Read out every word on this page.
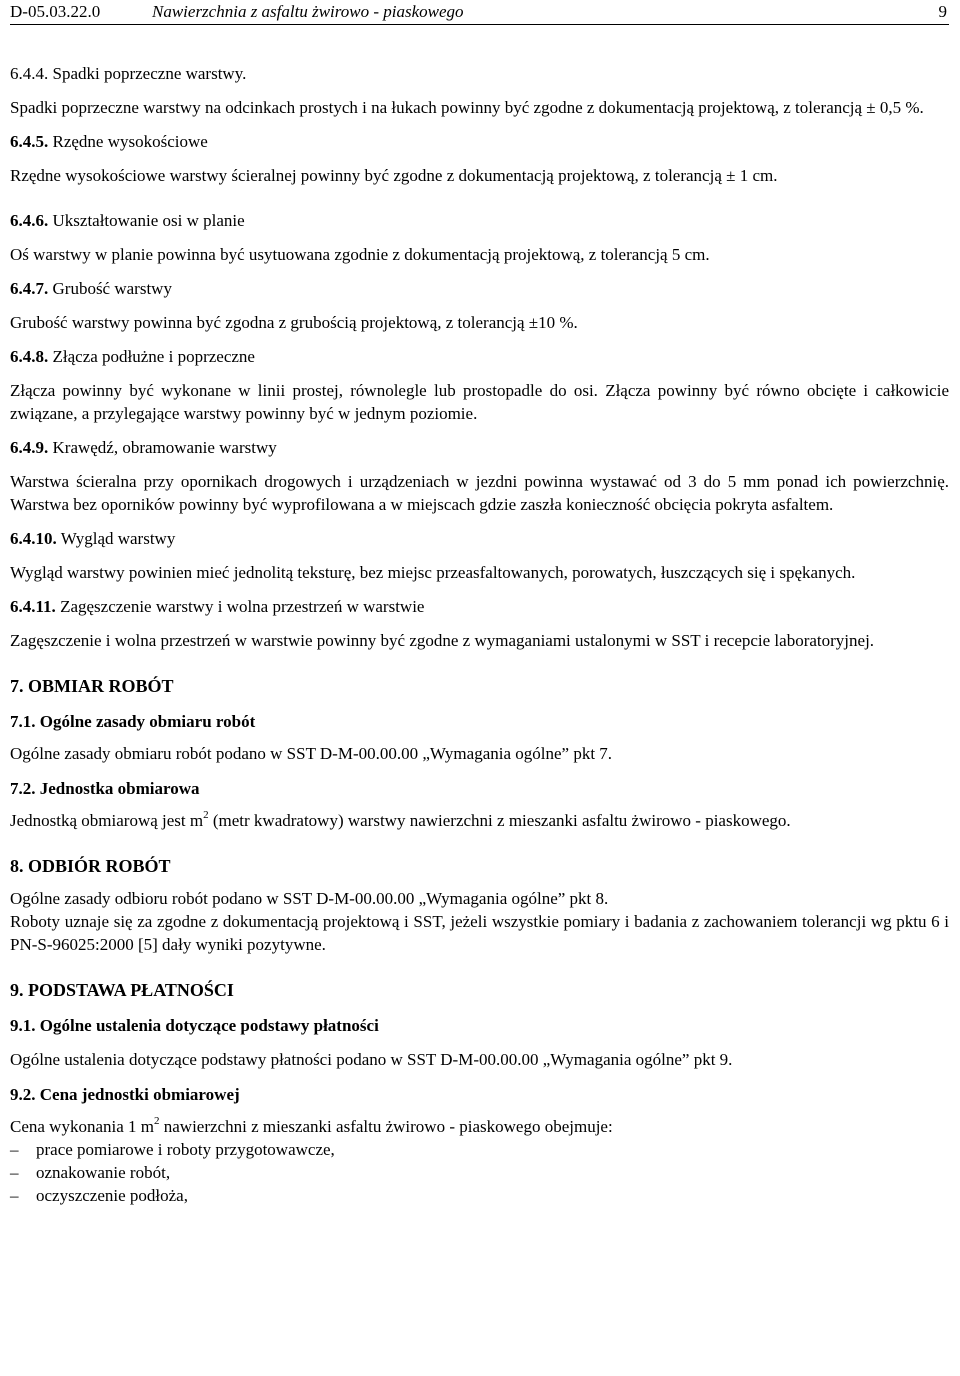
D-05.03.22.0	Nawierzchnia z asfaltu żwirowo - piaskowego	9

6.4.4. Spadki poprzeczne warstwy.

Spadki poprzeczne warstwy na odcinkach prostych i na łukach powinny być zgodne z dokumentacją projektową, z tolerancją ± 0,5 %.

6.4.5. Rzędne wysokościowe

Rzędne wysokościowe warstwy ścieralnej powinny być zgodne z dokumentacją projektową, z tolerancją ± 1 cm.

6.4.6. Ukształtowanie osi w planie

Oś warstwy w planie powinna być usytuowana zgodnie z dokumentacją projektową, z tolerancją 5 cm.

6.4.7. Grubość warstwy

Grubość warstwy powinna być zgodna z grubością projektową, z tolerancją ±10 %.

6.4.8. Złącza podłużne i poprzeczne

Złącza powinny być wykonane w linii prostej, równolegle lub prostopadle do osi. Złącza powinny być równo obcięte i całkowicie związane, a przylegające warstwy powinny być w jednym poziomie.

6.4.9. Krawędź, obramowanie warstwy

Warstwa ścieralna przy opornikach drogowych i urządzeniach w jezdni powinna wystawać od 3 do 5 mm ponad ich powierzchnię. Warstwa bez oporników powinny być wyprofilowana a w miejscach gdzie zaszła konieczność obcięcia pokryta asfaltem.

6.4.10. Wygląd warstwy

Wygląd warstwy powinien mieć jednolitą teksturę, bez miejsc przeasfaltowanych, porowatych, łuszczących się i spękanych.

6.4.11. Zagęszczenie warstwy i wolna przestrzeń w warstwie

Zagęszczenie i wolna przestrzeń w warstwie powinny być zgodne z wymaganiami ustalonymi w SST i recepcie laboratoryjnej.

7. OBMIAR ROBÓT

7.1. Ogólne zasady obmiaru robót

Ogólne zasady obmiaru robót podano w SST D-M-00.00.00 „Wymagania ogólne” pkt 7.

7.2. Jednostka obmiarowa

Jednostką obmiarową jest $m^2$ (metr kwadratowy) warstwy nawierzchni z mieszanki asfaltu żwirowo - piaskowego.

8. ODBIÓR ROBÓT

Ogólne zasady odbioru robót podano w SST D-M-00.00.00 „Wymagania ogólne” pkt 8.

Roboty uznaje się za zgodne z dokumentacją projektową i SST, jeżeli wszystkie pomiary i badania z zachowaniem tolerancji wg pktu 6 i PN-S-96025:2000 [5] dały wyniki pozytywne.

9. PODSTAWA PŁATNOŚCI

9.1. Ogólne ustalenia dotyczące podstawy płatności

Ogólne ustalenia dotyczące podstawy płatności podano w SST D-M-00.00.00 „Wymagania ogólne” pkt 9.

9.2. Cena jednostki obmiarowej

Cena wykonania 1 $m^2$ nawierzchni z mieszanki asfaltu żwirowo - piaskowego obejmuje:

– prace pomiarowe i roboty przygotowawcze,
– oznakowanie robót,
– oczyszczenie podłoża,
